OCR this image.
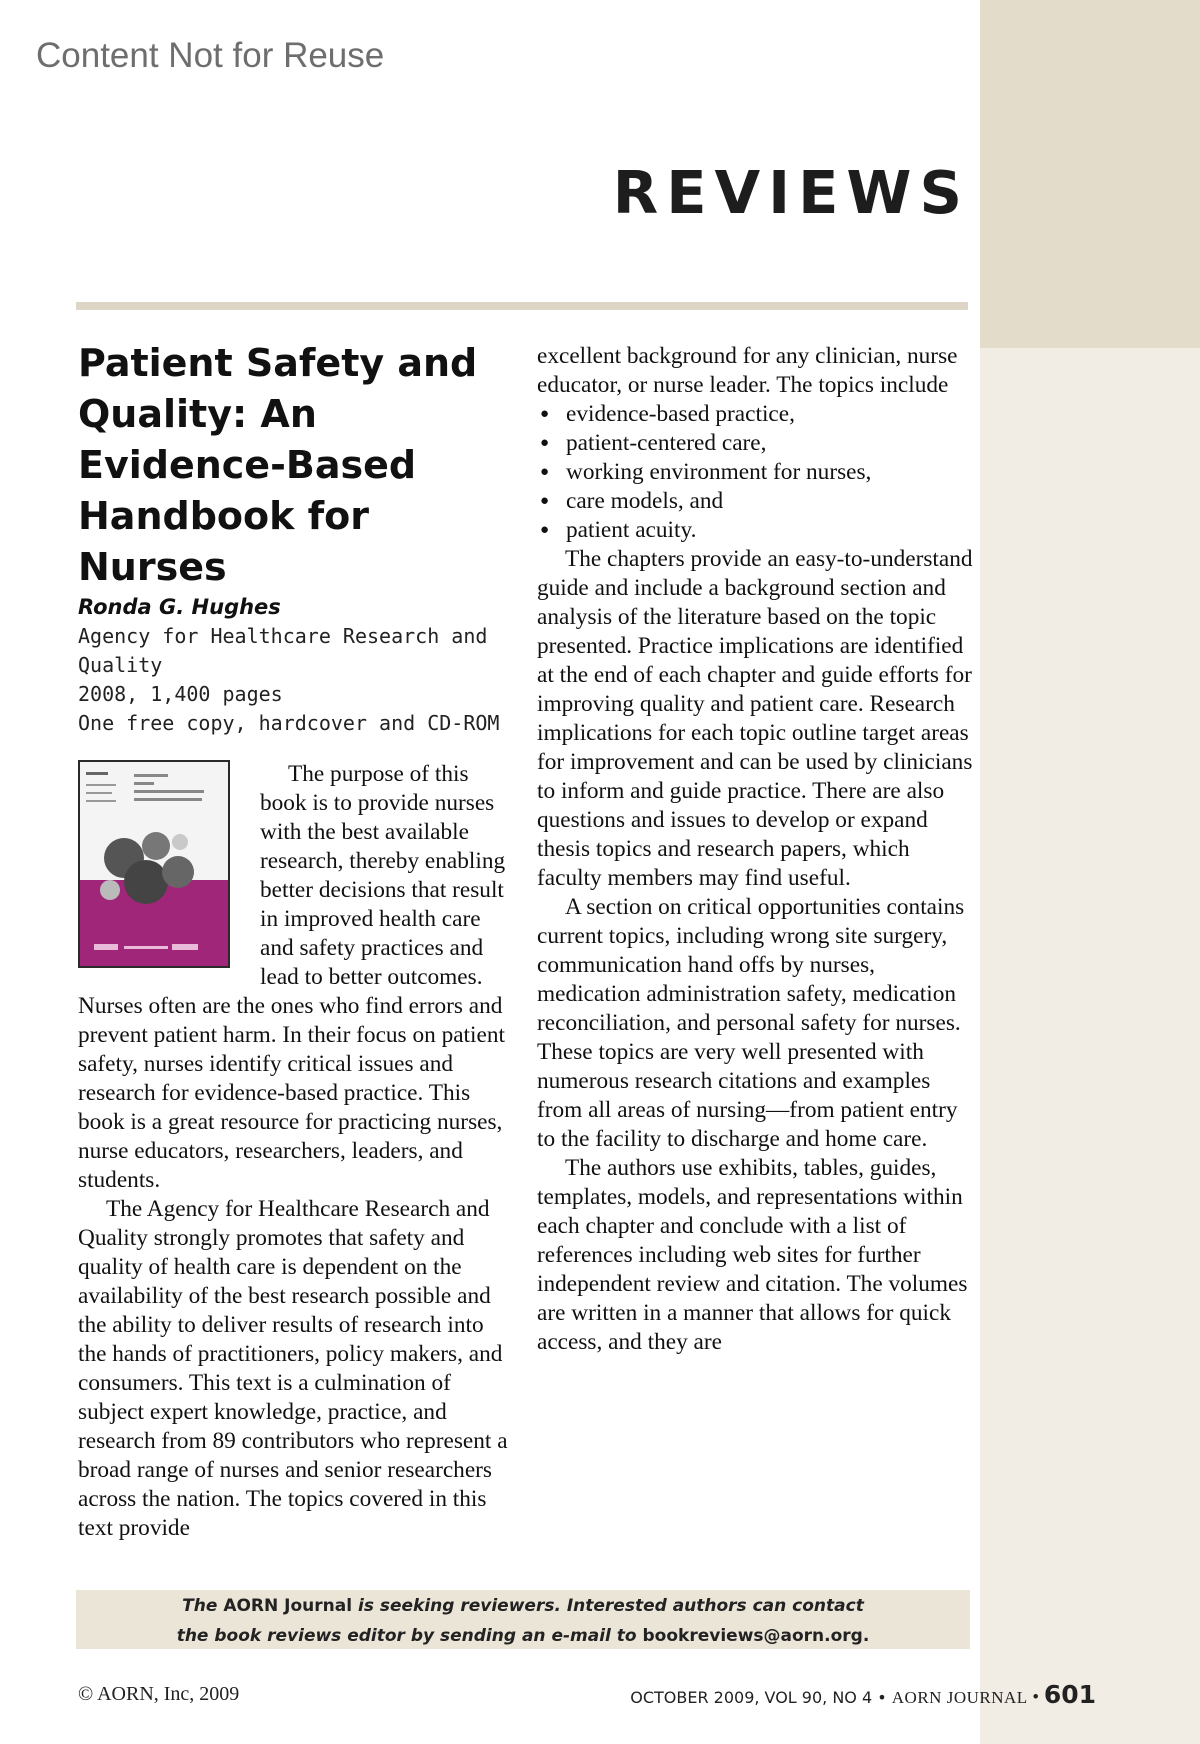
Content Not for Reuse
REVIEWS
Patient Safety and Quality: An Evidence-Based Handbook for Nurses
Ronda G. Hughes
Agency for Healthcare Research and Quality
2008, 1,400 pages
One free copy, hardcover and CD-ROM

The purpose of this book is to provide nurses with the best available research, thereby enabling better decisions that result in improved health care and safety practices and lead to better outcomes. Nurses often are the ones who find errors and prevent patient harm. In their focus on patient safety, nurses identify critical issues and research for evidence-based practice. This book is a great resource for practicing nurses, nurse educators, researchers, leaders, and students.

The Agency for Healthcare Research and Quality strongly promotes that safety and quality of health care is dependent on the availability of the best research possible and the ability to deliver results of research into the hands of practitioners, policy makers, and consumers. This text is a culmination of subject expert knowledge, practice, and research from 89 contributors who represent a broad range of nurses and senior researchers across the nation. The topics covered in this text provide

excellent background for any clinician, nurse educator, or nurse leader. The topics include

● evidence-based practice,
● patient-centered care,
● working environment for nurses,
● care models, and
● patient acuity.

The chapters provide an easy-to-understand guide and include a background section and analysis of the literature based on the topic presented. Practice implications are identified at the end of each chapter and guide efforts for improving quality and patient care. Research implications for each topic outline target areas for improvement and can be used by clinicians to inform and guide practice. There are also questions and issues to develop or expand thesis topics and research papers, which faculty members may find useful.

A section on critical opportunities contains current topics, including wrong site surgery, communication hand offs by nurses, medication administration safety, medication reconciliation, and personal safety for nurses. These topics are very well presented with numerous research citations and examples from all areas of nursing—from patient entry to the facility to discharge and home care.

The authors use exhibits, tables, guides, templates, models, and representations within each chapter and conclude with a list of references including web sites for further independent review and citation. The volumes are written in a manner that allows for quick access, and they are

The AORN Journal is seeking reviewers. Interested authors can contact

the book reviews editor by sending an e-mail to bookreviews@aorn.org.

© AORN, Inc, 2009	OCTOBER 2009, VOL 90, NO 4 • AORN JOURNAL • 601
